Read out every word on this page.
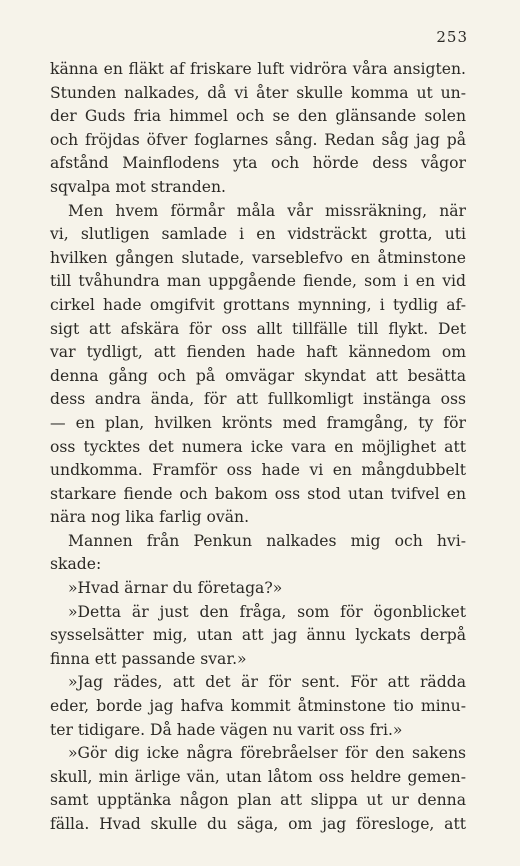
253
känna en fläkt af friskare luft vidröra våra ansigten.
Stunden nalkades, då vi åter skulle komma ut un-
der Guds fria himmel och se den glänsande solen
och fröjdas öfver foglarnes sång. Redan såg jag på
afstånd Mainflodens yta och hörde dess vågor
sqvalpa mot stranden.
Men hvem förmår måla vår missräkning, när
vi, slutligen samlade i en vidsträckt grotta, uti
hvilken gången slutade, varseblefvo en åtminstone
till tvåhundra man uppgående fiende, som i en vid
cirkel hade omgifvit grottans mynning, i tydlig af-
sigt att afskära för oss allt tillfälle till flykt. Det
var tydligt, att fienden hade haft kännedom om
denna gång och på omvägar skyndat att besätta
dess andra ända, för att fullkomligt instänga oss
— en plan, hvilken krönts med framgång, ty för
oss tycktes det numera icke vara en möjlighet att
undkomma. Framför oss hade vi en mångdubbelt
starkare fiende och bakom oss stod utan tvifvel en
nära nog lika farlig ovän.
Mannen från Penkun nalkades mig och hvi-
skade:
»Hvad ärnar du företaga?»
»Detta är just den fråga, som för ögonblicket
sysselsätter mig, utan att jag ännu lyckats derpå
finna ett passande svar.»
»Jag rädes, att det är för sent. För att rädda
eder, borde jag hafva kommit åtminstone tio minu-
ter tidigare. Då hade vägen nu varit oss fri.»
»Gör dig icke några förebråelser för den sakens
skull, min ärlige vän, utan låtom oss heldre gemen-
samt upptänka någon plan att slippa ut ur denna
fälla. Hvad skulle du säga, om jag föresloge, att
